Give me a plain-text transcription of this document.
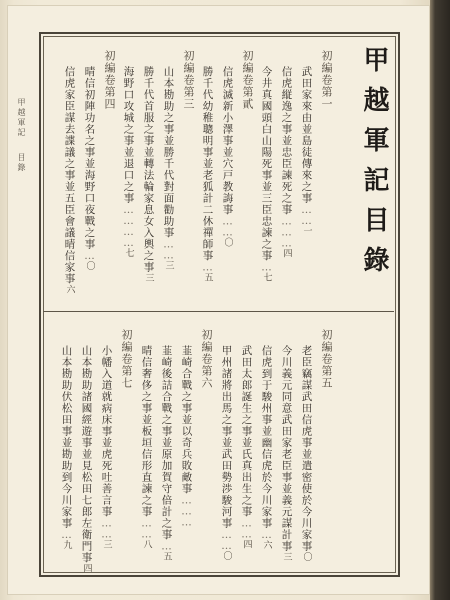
甲越軍記 目錄	甲越軍記目錄
初編卷第一
武田家來由並島徒傳來之事……一
信虎縦逸之事並忠臣諫死之事………四
今井真國頭白山陽死事並三臣忠諫之事…七
初編卷第貳
信虎滅新小澤事並穴戸教誨事……〇
勝千代幼稚聰明事並老狐計二休禪師事…五
初編卷第三
山本勘助之事並勝千代對面勸助事……三
勝千代首服之事並轉法輪家息女入輿之事三
海野口攻城之事並退口之事…………七
初編卷第四
晴信初陣功名之事並海野口夜戰之事…〇
信虎家臣謀去諜議之事並五臣會議晴信家事六
初編卷第五
老臣竊謀武田信虎事並遣密使於今川家事〇
今川義元同意武田家老臣事並義元謀計事三
信虎到于駿州事並幽信虎於今川家事…六
武田太郎誕生之事並氏真出生之事……四
甲州諸將出馬之事並武田勢渉駿河事……〇
初編卷第六
韮崎合戰之事並以奇兵敗敵事………
韮崎後詰合戰之事並原加賀守倍計之事…五
晴信奢侈之事並板垣信形直諫之事……八
初編卷第七
小幡入道就病床事並虎死吐善言事……三
山本勘助諸國經遊事並見松田七郎左衛門事四
山本勘助伏松田事並勘助到今川家事…九
